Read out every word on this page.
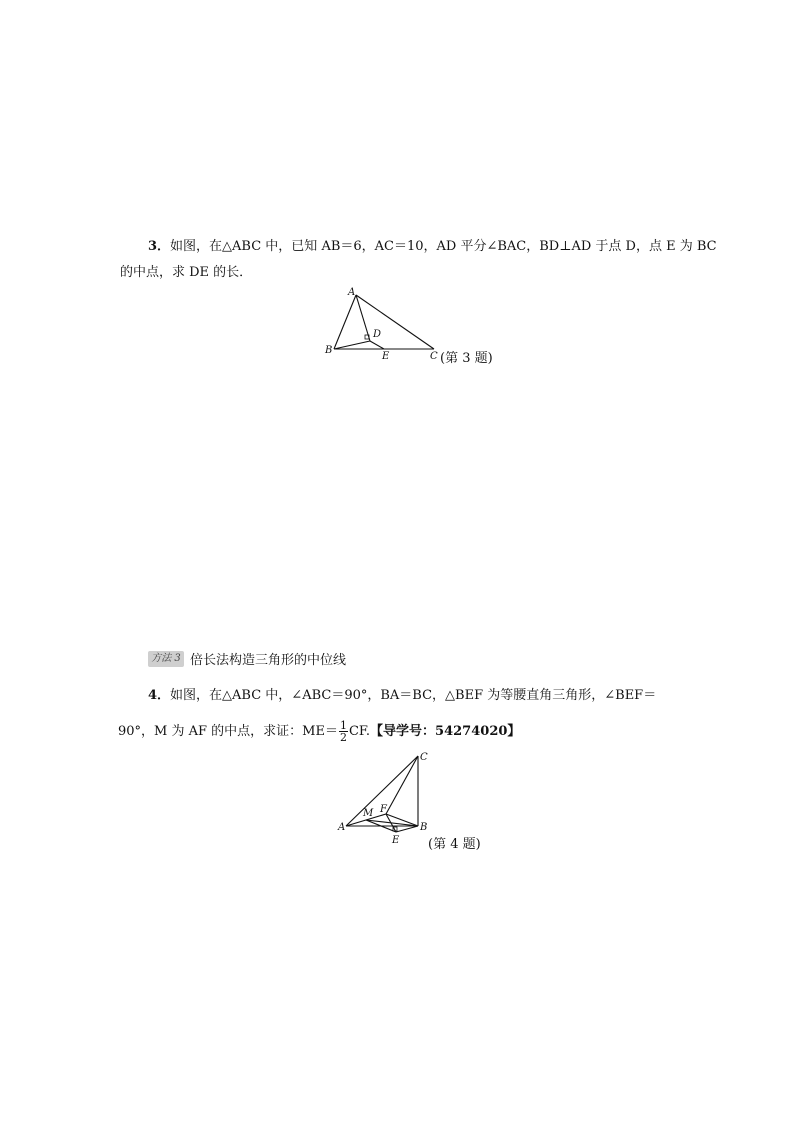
3．如图，在△ABC 中，已知 AB＝6，AC＝10，AD 平分∠BAC，BD⊥AD 于点 D，点 E 为 BC
的中点，求 DE 的长．
A
B
C
D
E	(第 3 题)
方法 3 倍长法构造三角形的中位线
4．如图，在△ABC 中，∠ABC＝90°，BA＝BC，△BEF 为等腰直角三角形，∠BEF＝
90°，M 为 AF 的中点，求证：$ME= \frac{1}{2}$ CF.【导学号：54274020】
A	B
C
E
F
M
(第 4 题)
